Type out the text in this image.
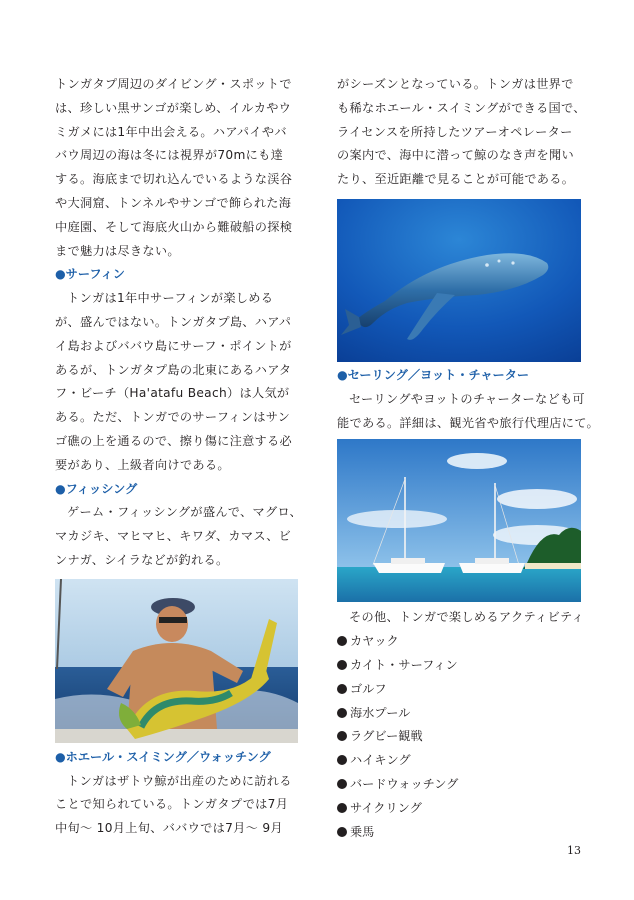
トンガタプ周辺のダイビング・スポットで

は、珍しい黒サンゴが楽しめ、イルカやウ

ミガメには1年中出会える。ハアパイやバ

バウ周辺の海は冬には視界が70mにも達

する。海底まで切れ込んでいるような渓谷

や大洞窟、トンネルやサンゴで飾られた海

中庭園、そして海底火山から難破船の探検

まで魅力は尽きない。

●サーフィン

トンガは1年中サーフィンが楽しめる

が、盛んではない。トンガタプ島、ハアパ

イ島およびババウ島にサーフ・ポイントが

あるが、トンガタプ島の北東にあるハアタ

フ・ビーチ（Ha'atafu Beach）は人気が

ある。ただ、トンガでのサーフィンはサン

ゴ礁の上を通るので、擦り傷に注意する必

要があり、上級者向けである。

●フィッシング

ゲーム・フィッシングが盛んで、マグロ、

マカジキ、マヒマヒ、キワダ、カマス、ビ

ンナガ、シイラなどが釣れる。

●ホエール・スイミング／ウォッチング

トンガはザトウ鯨が出産のために訪れる

ことで知られている。トンガタプでは7月

中旬～ 10月上旬、ババウでは7月～ 9月

がシーズンとなっている。トンガは世界で

も稀なホエール・スイミングができる国で、

ライセンスを所持したツアーオペレーター

の案内で、海中に潜って鯨のなき声を聞い

たり、至近距離で見ることが可能である。

●セーリング／ヨット・チャーター

セーリングやヨットのチャーターなども可

能である。詳細は、観光省や旅行代理店にて。

その他、トンガで楽しめるアクティビティ

カヤック
カイト・サーフィン
ゴルフ
海水プール
ラグビー観戦
ハイキング
バードウォッチング
サイクリング
乗馬
13
